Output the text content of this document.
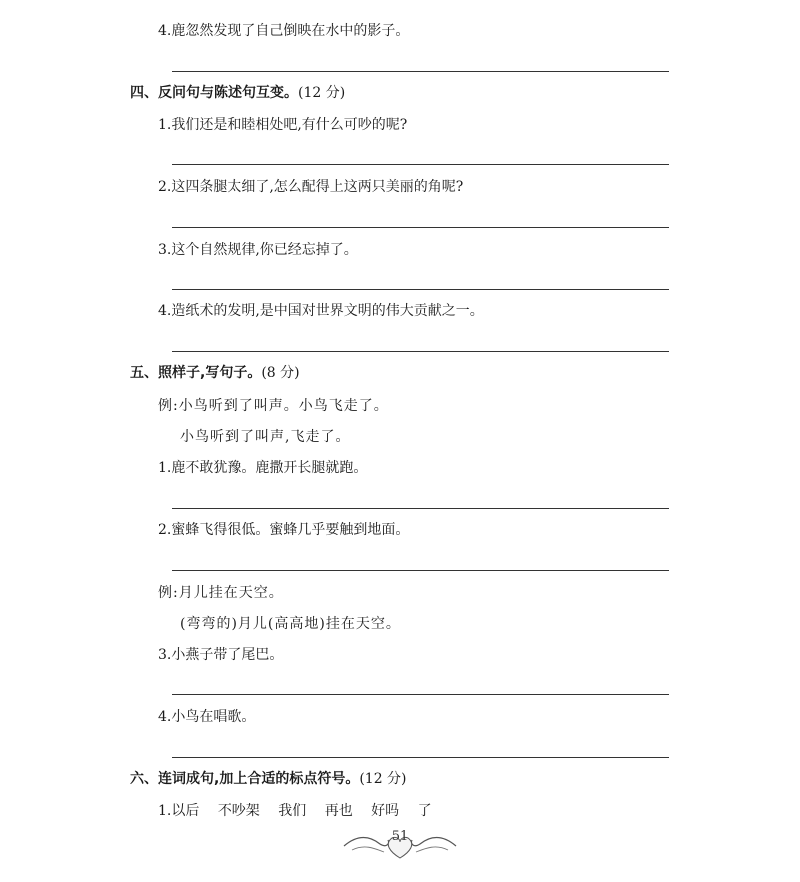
4.鹿忽然发现了自己倒映在水中的影子。
四、反问句与陈述句互变。(12 分)
1.我们还是和睦相处吧,有什么可吵的呢?
2.这四条腿太细了,怎么配得上这两只美丽的角呢?
3.这个自然规律,你已经忘掉了。
4.造纸术的发明,是中国对世界文明的伟大贡献之一。
五、照样子,写句子。(8 分)
例:小鸟听到了叫声。小鸟飞走了。
小鸟听到了叫声,飞走了。
1.鹿不敢犹豫。鹿撒开长腿就跑。
2.蜜蜂飞得很低。蜜蜂几乎要触到地面。
例:月儿挂在天空。
(弯弯的)月儿(高高地)挂在天空。
3.小燕子带了尾巴。
4.小鸟在唱歌。
六、连词成句,加上合适的标点符号。(12 分)
1.以后 不吵架 我们 再也 好吗 了
51
